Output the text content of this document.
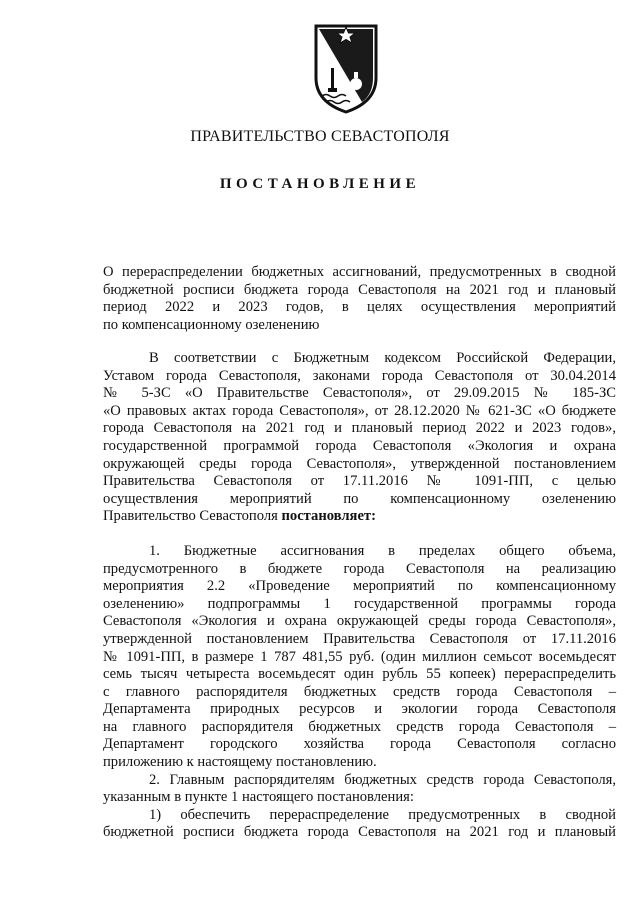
ПРАВИТЕЛЬСТВО СЕВАСТОПОЛЯ
ПОСТАНОВЛЕНИЕ
О перераспределении бюджетных ассигнований, предусмотренных в сводной
бюджетной росписи бюджета города Севастополя на 2021 год и плановый
период 2022 и 2023 годов, в целях осуществления мероприятий
по компенсационному озеленению
В соответствии с Бюджетным кодексом Российской Федерации,
Уставом города Севастополя, законами города Севастополя от 30.04.2014
№ 5-ЗС «О Правительстве Севастополя», от 29.09.2015 № 185-ЗС
«О правовых актах города Севастополя», от 28.12.2020 № 621-ЗС «О бюджете
города Севастополя на 2021 год и плановый период 2022 и 2023 годов»,
государственной программой города Севастополя «Экология и охрана
окружающей среды города Севастополя», утвержденной постановлением
Правительства Севастополя от 17.11.2016 № 1091-ПП, с целью
осуществления мероприятий по компенсационному озеленению
Правительство Севастополя постановляет:
1. Бюджетные ассигнования в пределах общего объема,
предусмотренного в бюджете города Севастополя на реализацию
мероприятия 2.2 «Проведение мероприятий по компенсационному
озеленению» подпрограммы 1 государственной программы города
Севастополя «Экология и охрана окружающей среды города Севастополя»,
утвержденной постановлением Правительства Севастополя от 17.11.2016
№ 1091-ПП, в размере 1 787 481,55 руб. (один миллион семьсот восемьдесят
семь тысяч четыреста восемьдесят один рубль 55 копеек) перераспределить
с главного распорядителя бюджетных средств города Севастополя –
Департамента природных ресурсов и экологии города Севастополя
на главного распорядителя бюджетных средств города Севастополя –
Департамент городского хозяйства города Севастополя согласно
приложению к настоящему постановлению.
2. Главным распорядителям бюджетных средств города Севастополя,
указанным в пункте 1 настоящего постановления:
1) обеспечить перераспределение предусмотренных в сводной
бюджетной росписи бюджета города Севастополя на 2021 год и плановый
